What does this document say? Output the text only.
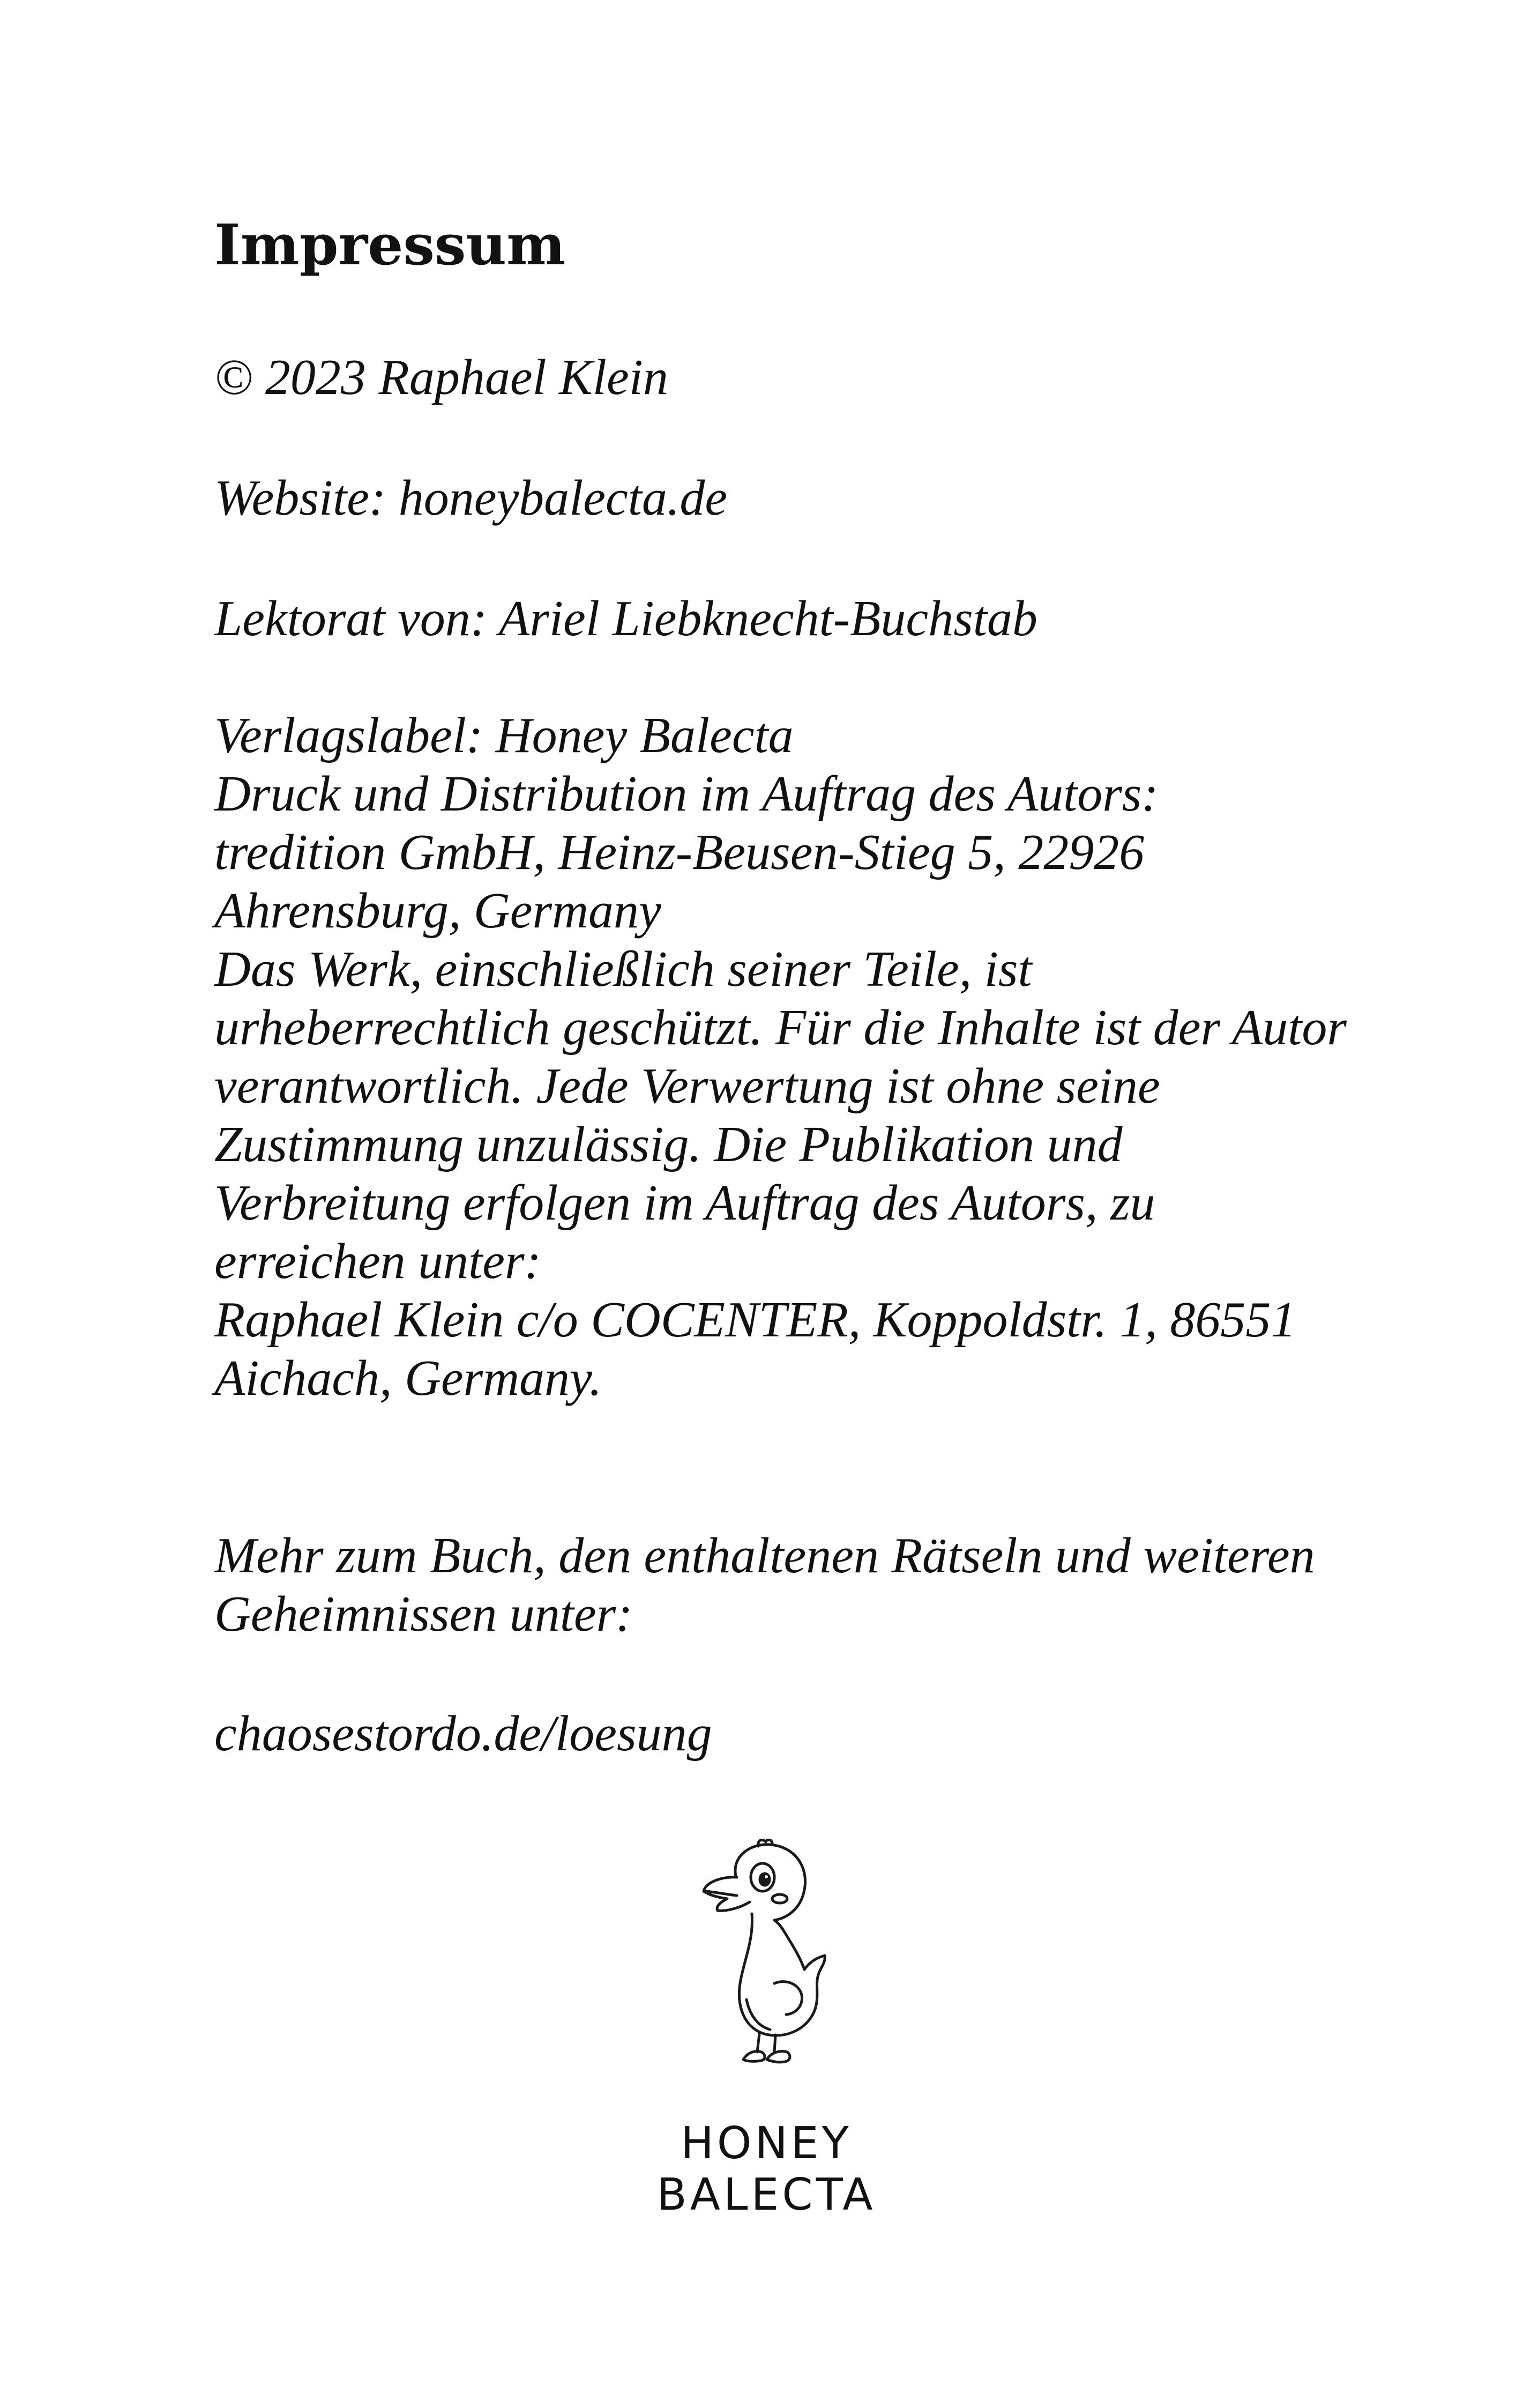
Impressum

© 2023 Raphael Klein

Website: honeybalecta.de

Lektorat von: Ariel Liebknecht-Buchstab

Verlagslabel: Honey Balecta
Druck und Distribution im Auftrag des Autors:
tredition GmbH, Heinz-Beusen-Stieg 5, 22926
Ahrensburg, Germany
Das Werk, einschließlich seiner Teile, ist
urheberrechtlich geschützt. Für die Inhalte ist der Autor
verantwortlich. Jede Verwertung ist ohne seine
Zustimmung unzulässig. Die Publikation und
Verbreitung erfolgen im Auftrag des Autors, zu
erreichen unter:
Raphael Klein c/o COCENTER, Koppoldstr. 1, 86551
Aichach, Germany.
Mehr zum Buch, den enthaltenen Rätseln und weiteren
Geheimnissen unter:

chaosestordo.de/loesung

HONEY
BALECTA
